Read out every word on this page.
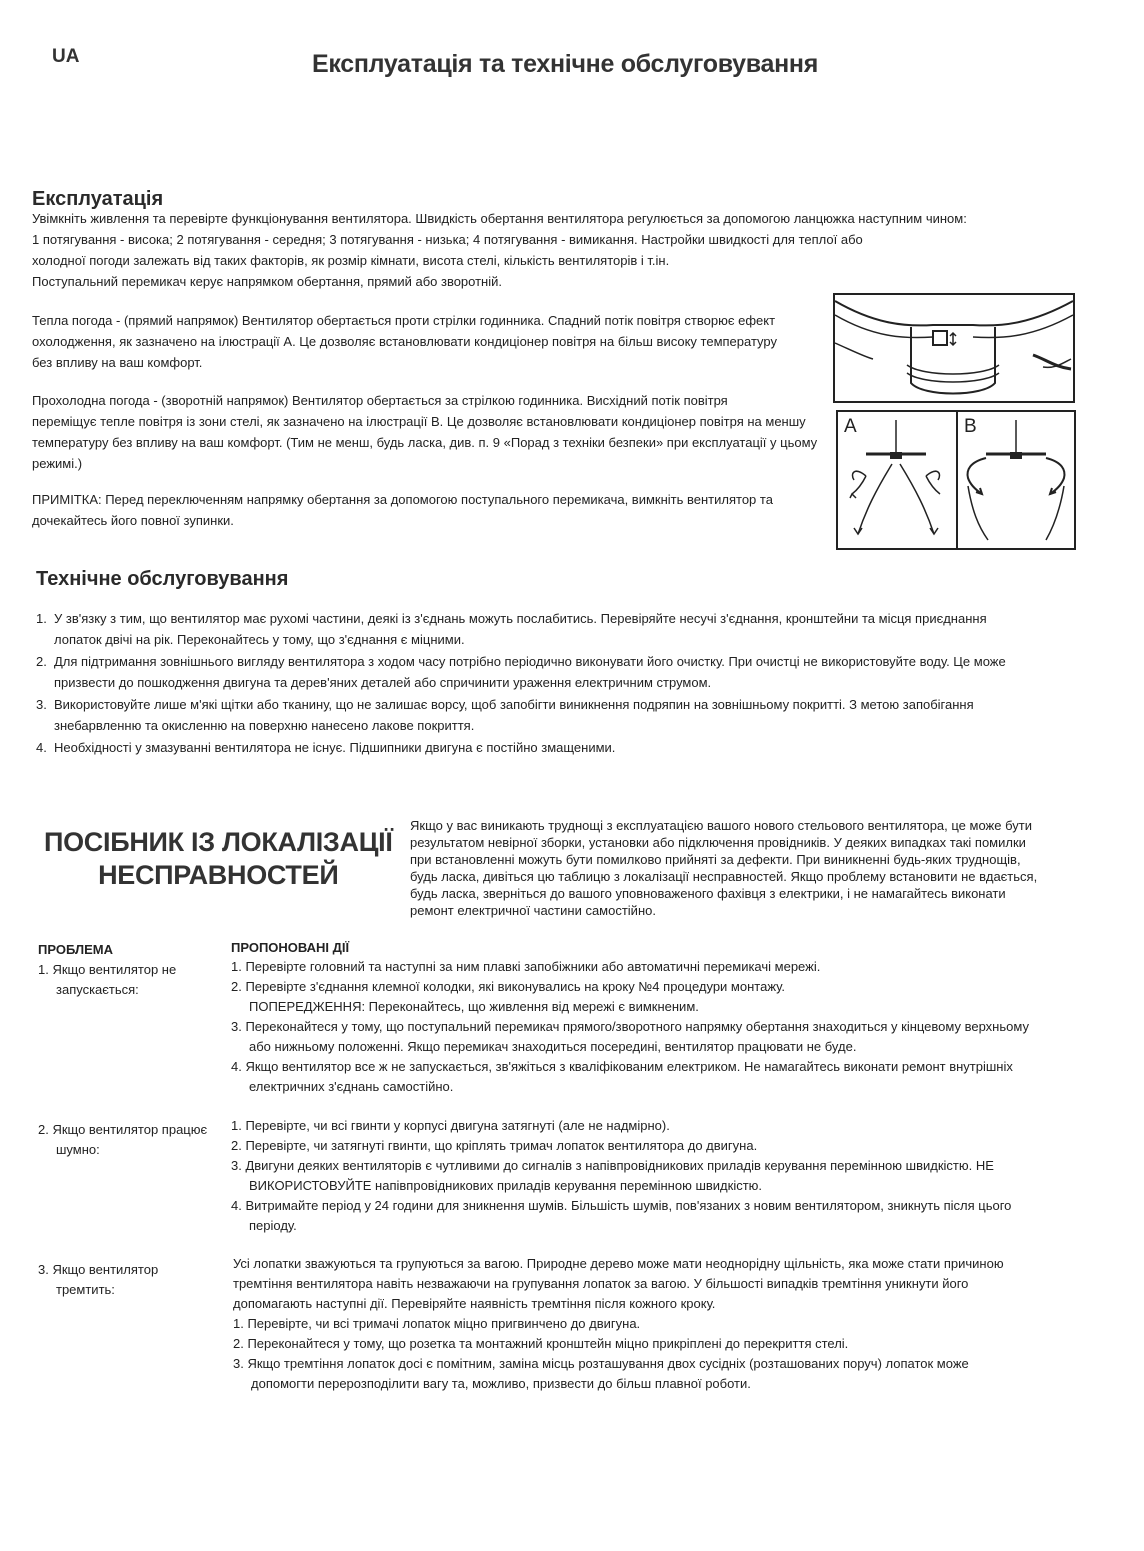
UA	Експлуатація та технічне обслуговування
Експлуатація
Увімкніть живлення та перевірте функціонування вентилятора. Швидкість обертання вентилятора регулюється за допомогою ланцюжка наступним чином:
1 потягування - висока; 2 потягування - середня; 3 потягування - низька; 4 потягування - вимикання. Настройки швидкості для теплої або
холодної погоди залежать від таких факторів, як розмір кімнати, висота стелі, кількість вентиляторів і т.ін.
Поступальний перемикач керує напрямком обертання, прямий або зворотній.
Тепла погода - (прямий напрямок) Вентилятор обертається проти стрілки годинника. Спадний потік повітря створює ефект
охолодження, як зазначено на ілюстрації А. Це дозволяє встановлювати кондиціонер повітря на більш високу температуру
без впливу на ваш комфорт.
Прохолодна погода - (зворотній напрямок) Вентилятор обертається за стрілкою годинника. Висхідний потік повітря
переміщує тепле повітря із зони стелі, як зазначено на ілюстрації В. Це дозволяє встановлювати кондиціонер повітря на меншу
температуру без впливу на ваш комфорт. (Тим не менш, будь ласка, див. п. 9 «Порад з техніки безпеки» при експлуатації у цьому
режимі.)
ПРИМІТКА: Перед переключенням напрямку обертання за допомогою поступального перемикача, вимкніть вентилятор та
дочекайтесь його повної зупинки.
A	B
Технічне обслуговування
1. У зв'язку з тим, що вентилятор має рухомі частини, деякі із з'єднань можуть послабитись. Перевіряйте несучі з'єднання, кронштейни та місця приєднання
лопаток двічі на рік. Переконайтесь у тому, що з'єднання є міцними.
2. Для підтримання зовнішнього вигляду вентилятора з ходом часу потрібно періодично виконувати його очистку. При очистці не використовуйте воду. Це може
призвести до пошкодження двигуна та дерев'яних деталей або спричинити ураження електричним струмом.
3. Використовуйте лише м'які щітки або тканину, що не залишає ворсу, щоб запобігти виникнення подряпин на зовнішньому покритті. З метою запобігання
знебарвленню та окисленню на поверхню нанесено лакове покриття.
4. Необхідності у змазуванні вентилятора не існує. Підшипники двигуна є постійно змащеними.
ПОСІБНИК ІЗ ЛОКАЛІЗАЦІЇ
НЕСПРАВНОСТЕЙ
Якщо у вас виникають труднощі з експлуатацією вашого нового стельового вентилятора, це може бути
результатом невірної зборки, установки або підключення провідників. У деяких випадках такі помилки
при встановленні можуть бути помилково прийняті за дефекти. При виникненні будь-яких труднощів,
будь ласка, дивіться цю таблицю з локалізації несправностей. Якщо проблему встановити не вдається,
будь ласка, зверніться до вашого уповноваженого фахівця з електрики, і не намагайтесь виконати
ремонт електричної частини самостійно.
ПРОБЛЕМА	ПРОПОНОВАНІ ДІЇ
1. Якщо вентилятор не
запускається:
1. Перевірте головний та наступні за ним плавкі запобіжники або автоматичні перемикачі мережі.
2. Перевірте з'єднання клемної колодки, які виконувались на кроку №4 процедури монтажу.
ПОПЕРЕДЖЕННЯ: Переконайтесь, що живлення від мережі є вимкненим.
3. Переконайтеся у тому, що поступальний перемикач прямого/зворотного напрямку обертання знаходиться у кінцевому верхньому
або нижньому положенні. Якщо перемикач знаходиться посередині, вентилятор працювати не буде.
4. Якщо вентилятор все ж не запускається, зв'яжіться з кваліфікованим електриком. Не намагайтесь виконати ремонт внутрішніх
електричних з'єднань самостійно.
2. Якщо вентилятор працює
шумно:
1. Перевірте, чи всі гвинти у корпусі двигуна затягнуті (але не надмірно).
2. Перевірте, чи затягнуті гвинти, що кріплять тримач лопаток вентилятора до двигуна.
3. Двигуни деяких вентиляторів є чутливими до сигналів з напівпровідникових приладів керування перемінною швидкістю. НЕ
ВИКОРИСТОВУЙТЕ напівпровідникових приладів керування перемінною швидкістю.
4. Витримайте період у 24 години для зникнення шумів. Більшість шумів, пов'язаних з новим вентилятором, зникнуть після цього
періоду.
3. Якщо вентилятор
тремтить:
Усі лопатки зважуються та групуються за вагою. Природне дерево може мати неоднорідну щільність, яка може стати причиною
тремтіння вентилятора навіть незважаючи на групування лопаток за вагою. У більшості випадків тремтіння уникнути його
допомагають наступні дії. Перевіряйте наявність тремтіння після кожного кроку.
1. Перевірте, чи всі тримачі лопаток міцно пригвинчено до двигуна.
2. Переконайтеся у тому, що розетка та монтажний кронштейн міцно прикріплені до перекриття стелі.
3. Якщо тремтіння лопаток досі є помітним, заміна місць розташування двох сусідніх (розташованих поруч) лопаток може
допомогти перерозподілити вагу та, можливо, призвести до більш плавної роботи.
